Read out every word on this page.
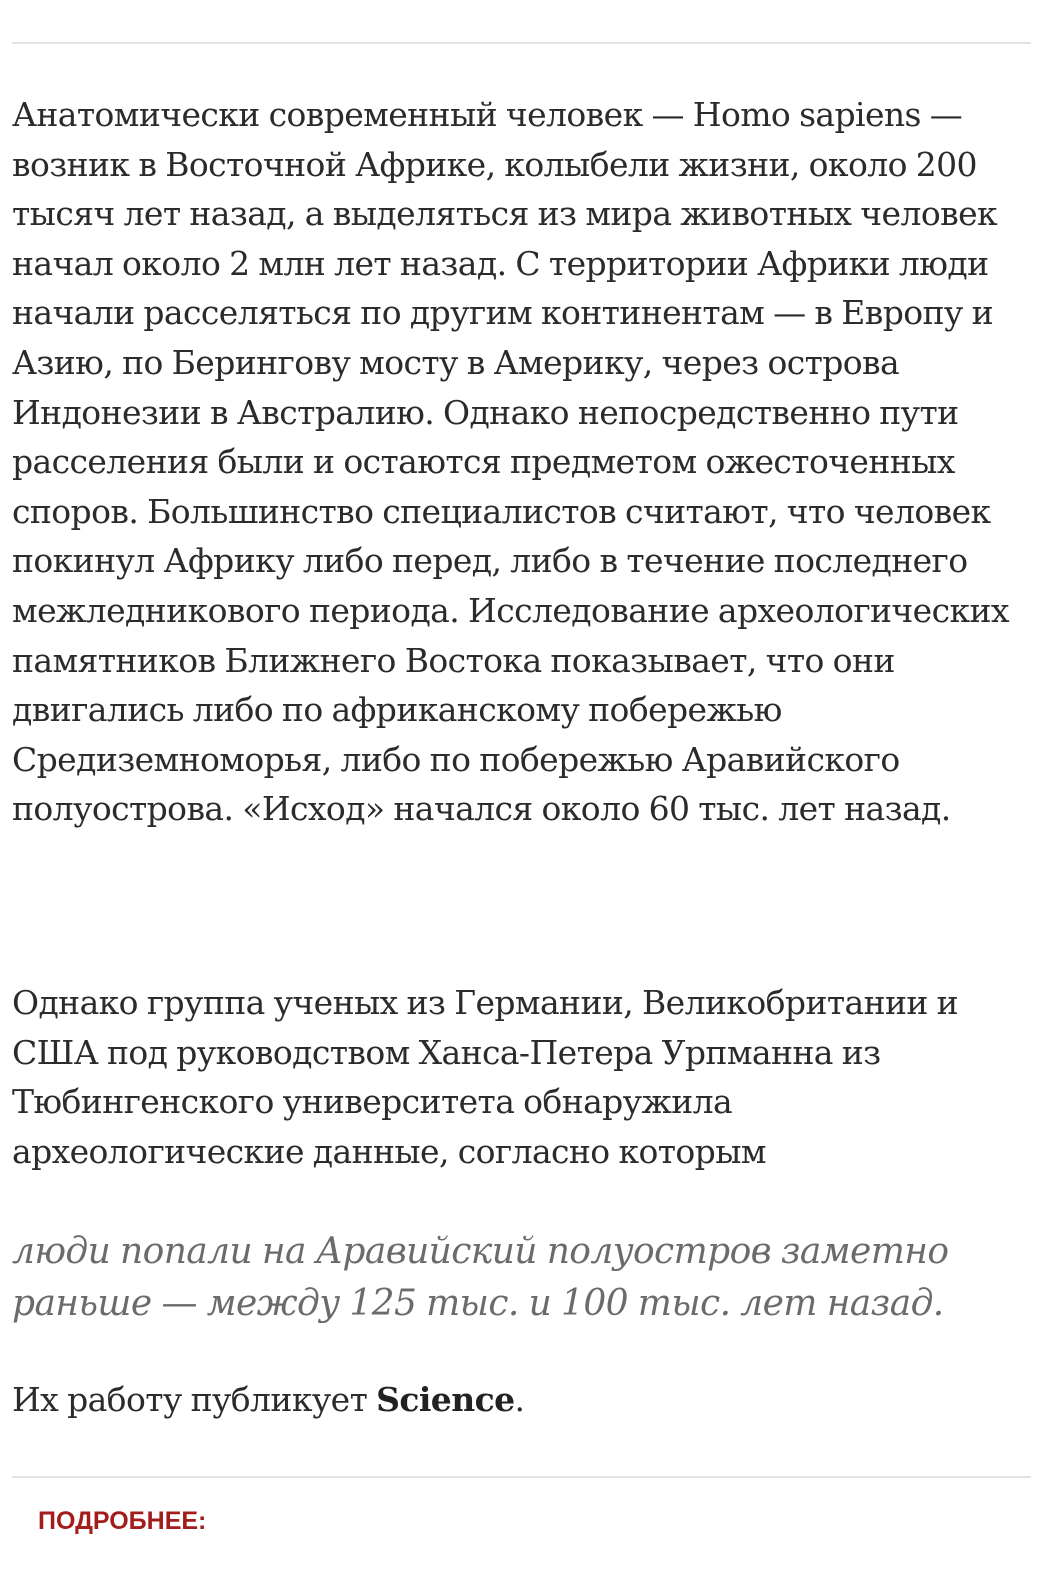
Анатомически современный человек — Homo sapiens — возник в Восточной Африке, колыбели жизни, около 200 тысяч лет назад, а выделяться из мира животных человек начал около 2 млн лет назад. С территории Африки люди начали расселяться по другим континентам — в Европу и Азию, по Берингову мосту в Америку, через острова Индонезии в Австралию. Однако непосредственно пути расселения были и остаются предметом ожесточенных споров. Большинство специалистов считают, что человек покинул Африку либо перед, либо в течение последнего межледникового периода. Исследование археологических памятников Ближнего Востока показывает, что они двигались либо по африканскому побережью Средиземноморья, либо по побережью Аравийского полуострова. «Исход» начался около 60 тыс. лет назад.

Однако группа ученых из Германии, Великобритании и США под руководством Ханса-Петера Урпманна из Тюбингенского университета обнаружила археологические данные, согласно которым

люди попали на Аравийский полуостров заметно раньше — между 125 тыс. и 100 тыс. лет назад.

Их работу публикует Science.

ПОДРОБНЕЕ:
